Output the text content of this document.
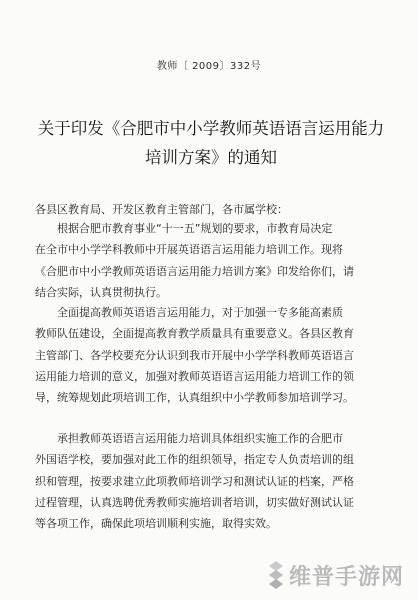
教师〔 2009〕332号
关于印发《合肥市中小学教师英语语言运用能力
培训方案》的通知
各县区教育局、开发区教育主管部门，各市属学校：
根据合肥市教育事业“十一五”规划的要求，市教育局决定
在全市中小学学科教师中开展英语语言运用能力培训工作。现将
《合肥市中小学教师英语语言运用能力培训方案》印发给你们，请
结合实际，认真贯彻执行。
全面提高教师英语语言运用能力，对于加强一专多能高素质
教师队伍建设，全面提高教育教学质量具有重要意义。各县区教育
主管部门、各学校要充分认识到我市开展中小学学科教师英语语言
运用能力培训的意义，加强对教师英语语言运用能力培训工作的领
导，统筹规划此项培训工作，认真组织中小学教师参加培训学习。
承担教师英语语言运用能力培训具体组织实施工作的合肥市
外国语学校，要加强对此工作的组织领导，指定专人负责培训的组
织和管理，按要求建立此项教师培训学习和测试认证的档案，严格
过程管理，认真选聘优秀教师实施培训者培训，切实做好测试认证
等各项工作，确保此项培训顺利实施，取得实效。
维普手游网
